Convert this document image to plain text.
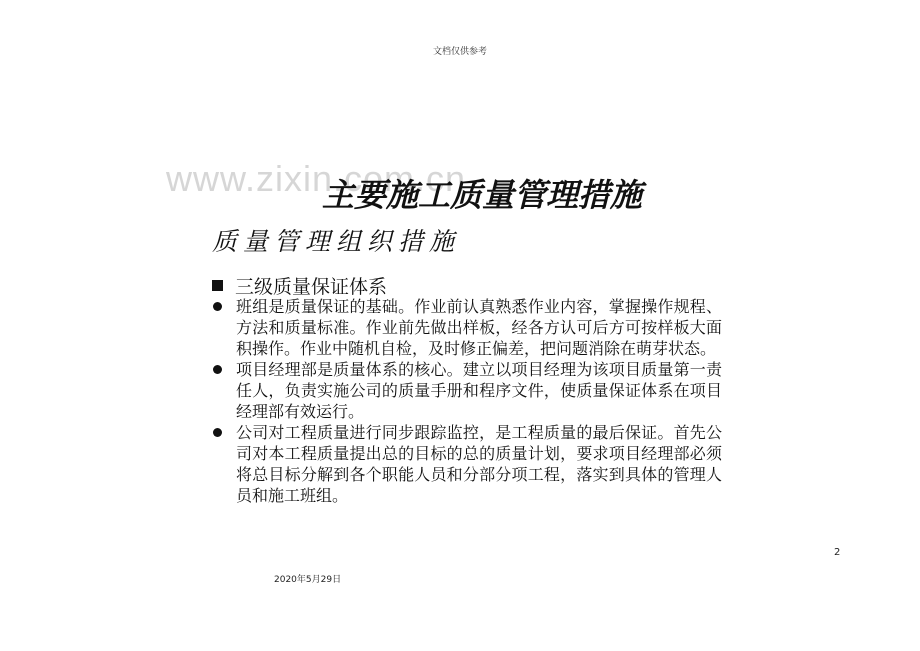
文档仅供参考
www.zixin.com.cn
主要施工质量管理措施
质量管理组织措施
三级质量保证体系
班组是质量保证的基础。作业前认真熟悉作业内容，掌握操作规程、方法和质量标准。作业前先做出样板，经各方认可后方可按样板大面积操作。作业中随机自检，及时修正偏差，把问题消除在萌芽状态。
项目经理部是质量体系的核心。建立以项目经理为该项目质量第一责任人，负责实施公司的质量手册和程序文件，使质量保证体系在项目经理部有效运行。
公司对工程质量进行同步跟踪监控，是工程质量的最后保证。首先公司对本工程质量提出总的目标的总的质量计划，要求项目经理部必须将总目标分解到各个职能人员和分部分项工程，落实到具体的管理人员和施工班组。
2
2020年5月29日
